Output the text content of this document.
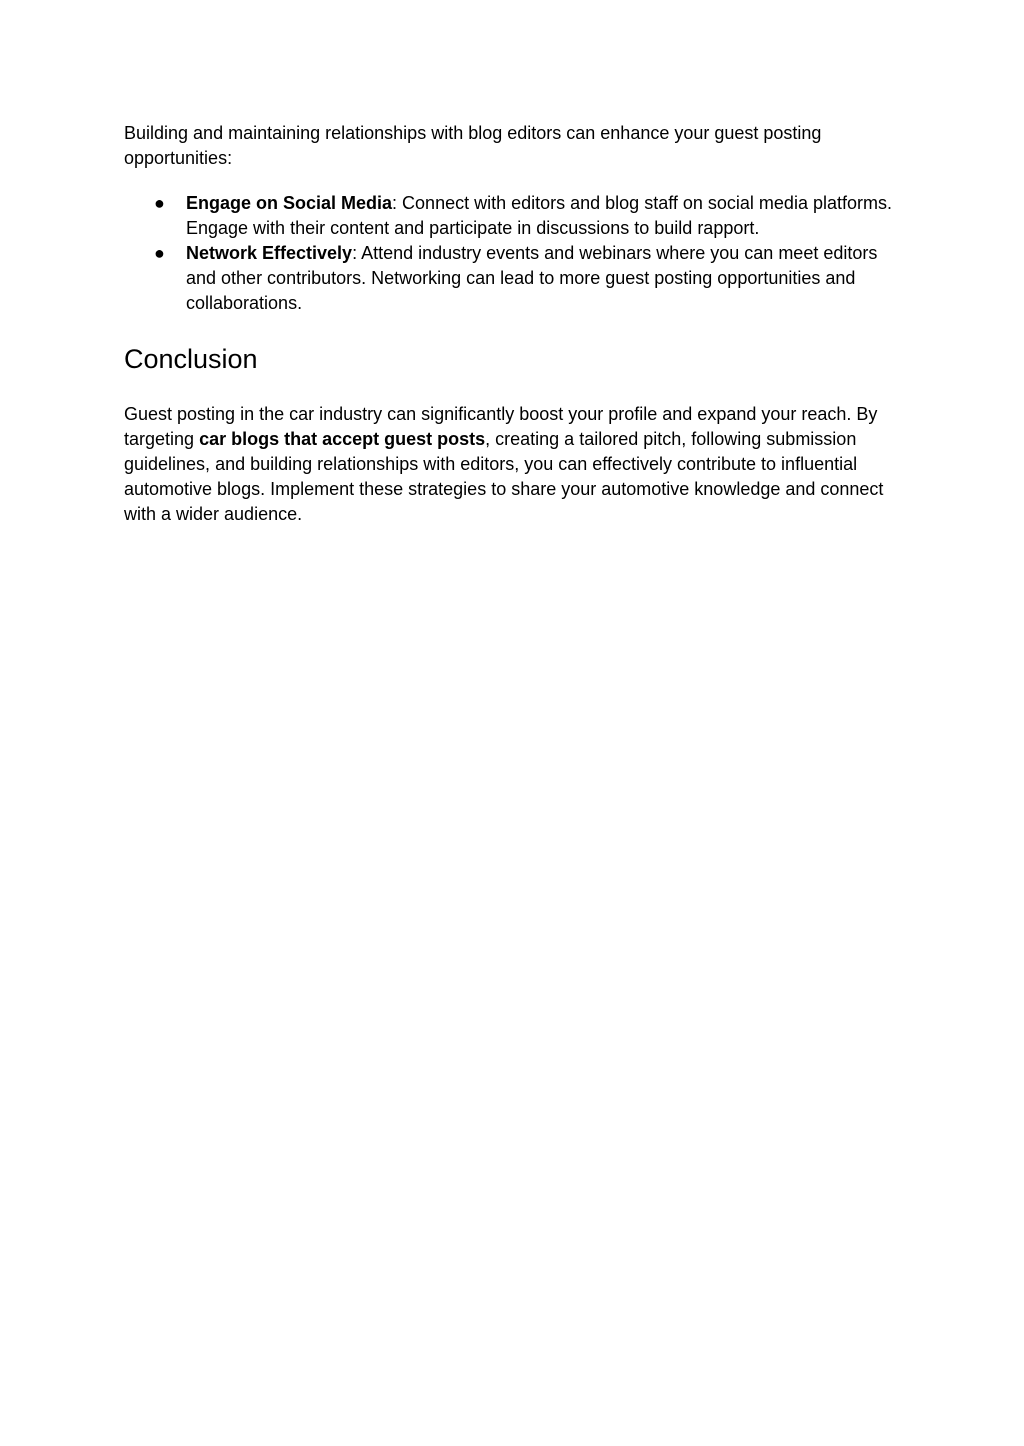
Building and maintaining relationships with blog editors can enhance your guest posting opportunities:

● Engage on Social Media: Connect with editors and blog staff on social media platforms. Engage with their content and participate in discussions to build rapport.
● Network Effectively: Attend industry events and webinars where you can meet editors and other contributors. Networking can lead to more guest posting opportunities and collaborations.
Conclusion

Guest posting in the car industry can significantly boost your profile and expand your reach. By targeting car blogs that accept guest posts, creating a tailored pitch, following submission guidelines, and building relationships with editors, you can effectively contribute to influential automotive blogs. Implement these strategies to share your automotive knowledge and connect with a wider audience.
